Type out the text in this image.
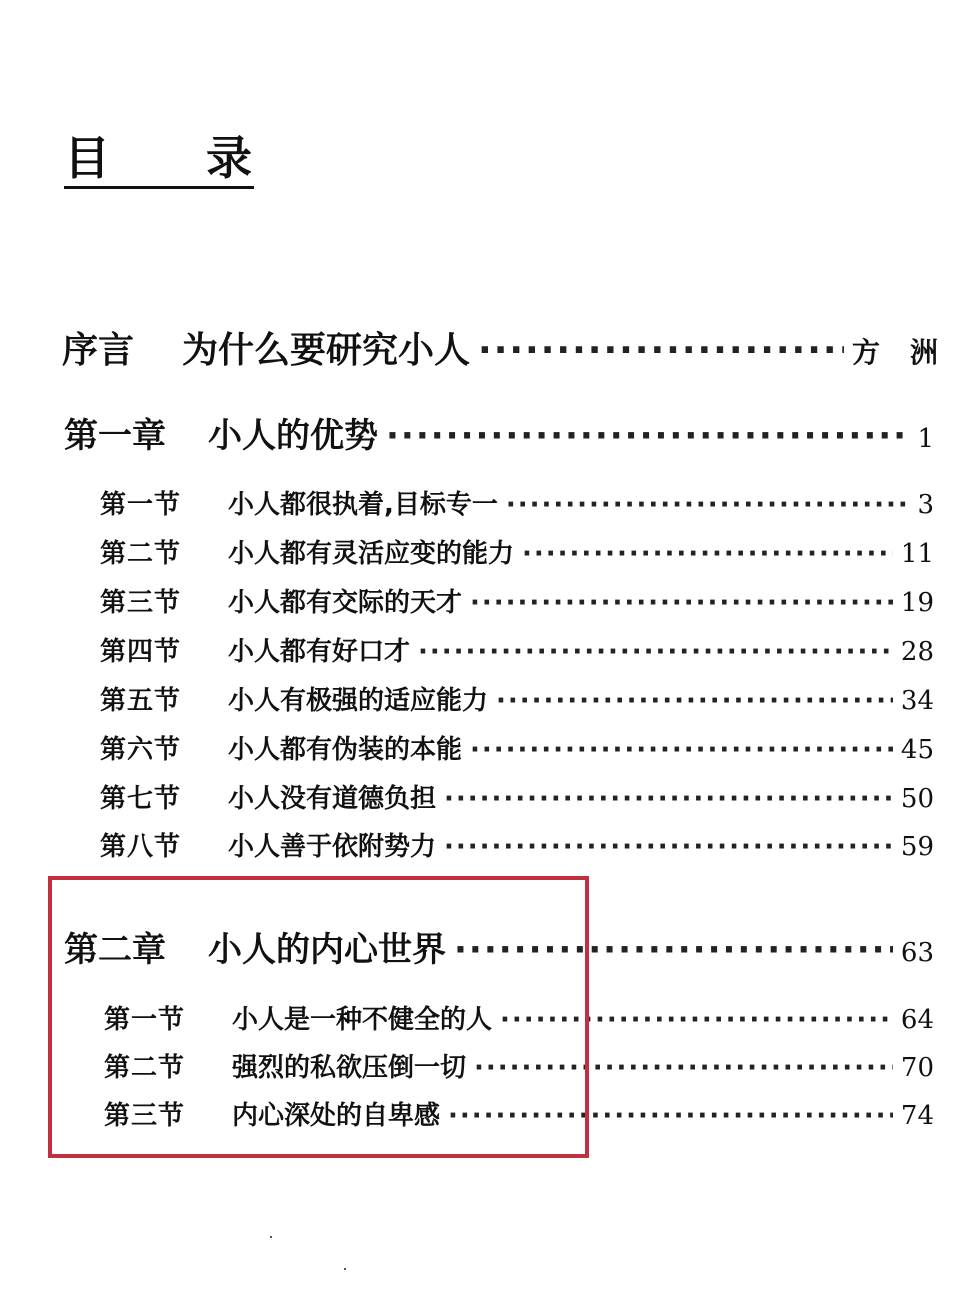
目 录
序言 为什么要研究小人 ·····	方洲
第一章 小人的优势 ·····	1
第一节	小人都很执着,目标专一 ·····	3
第二节	小人都有灵活应变的能力 ·····	11
第三节	小人都有交际的天才 ·····	19
第四节	小人都有好口才 ·····	28
第五节	小人有极强的适应能力 ·····	34
第六节	小人都有伪装的本能 ·····	45
第七节	小人没有道德负担 ·····	50
第八节	小人善于依附势力 ·····	59
第二章 小人的内心世界 ·····	63
第一节	小人是一种不健全的人 ·····	64
第二节	强烈的私欲压倒一切 ·····	70
第三节	内心深处的自卑感 ·····	74
